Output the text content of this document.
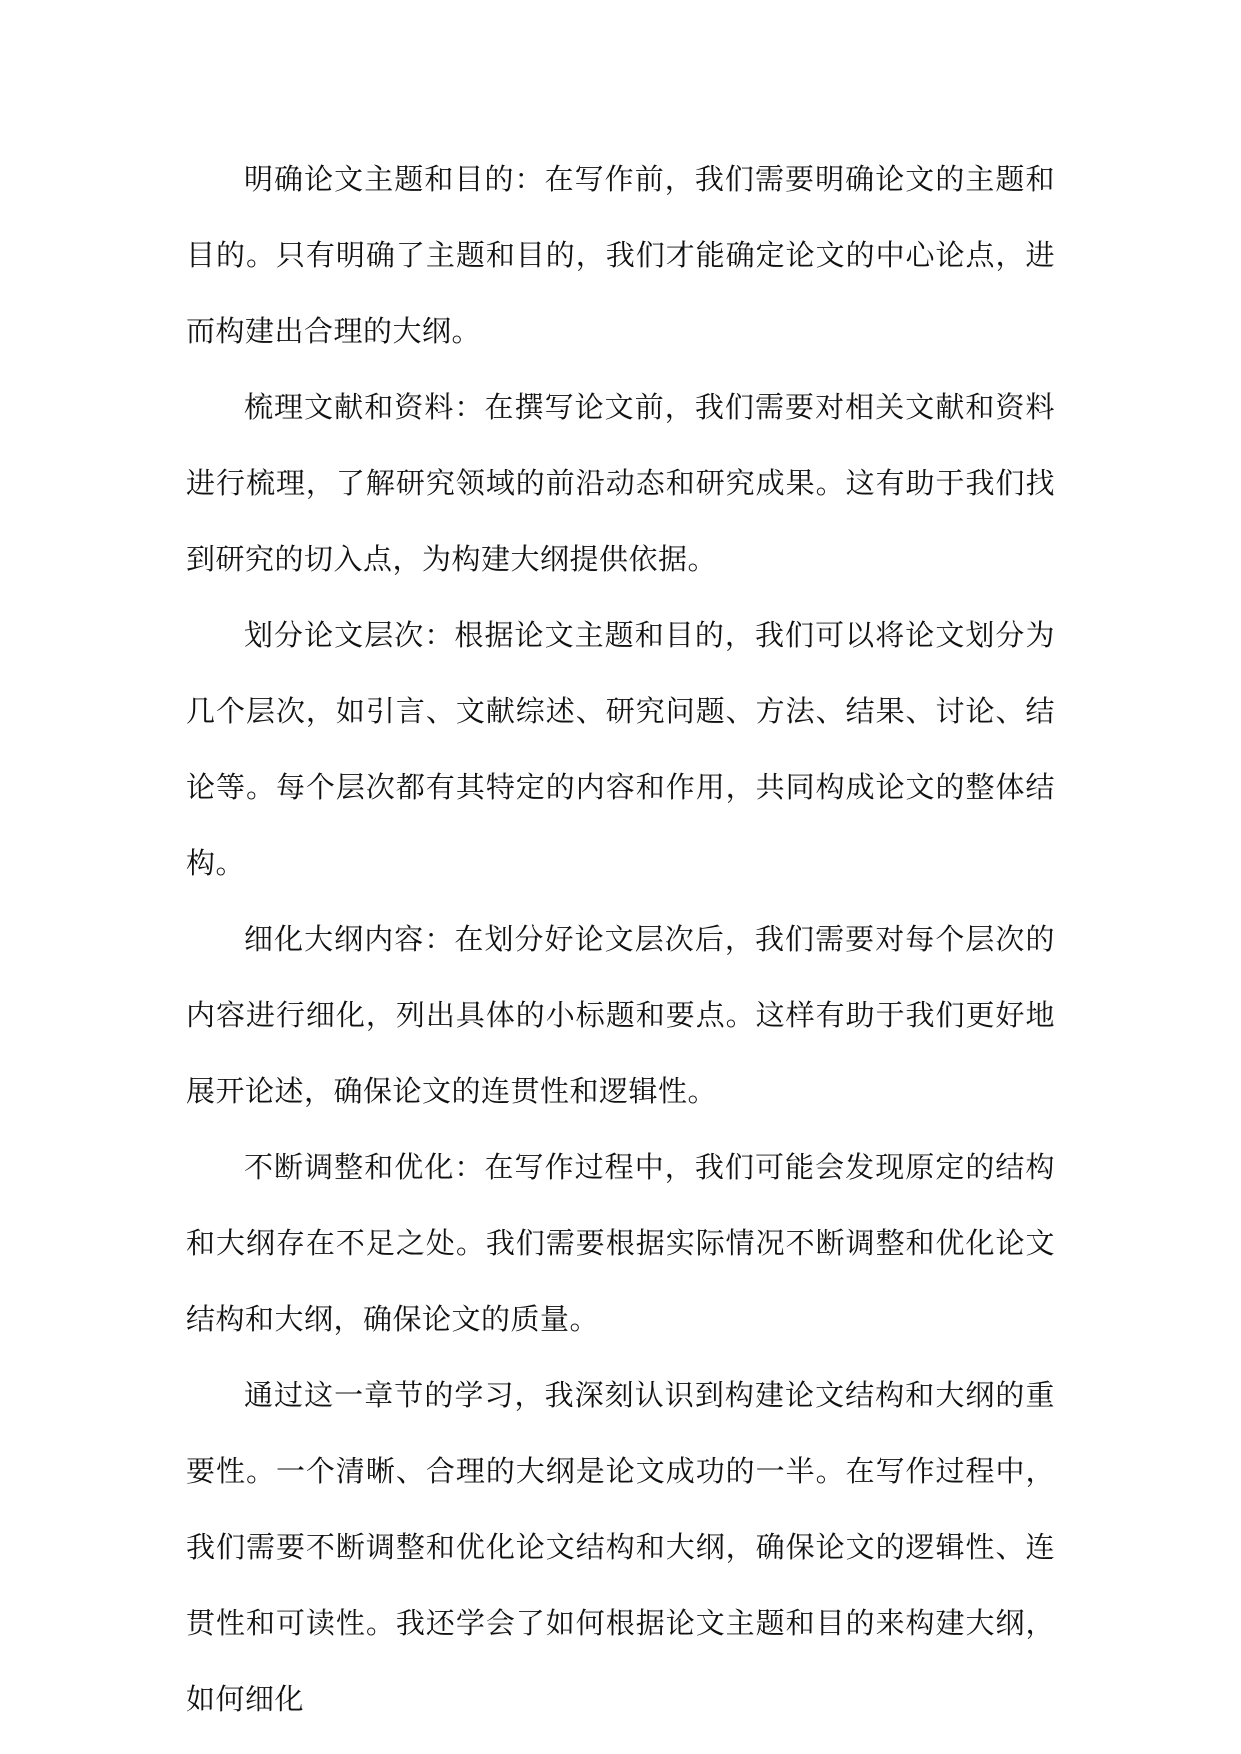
明确论文主题和目的：在写作前，我们需要明确论文的主题和目的。只有明确了主题和目的，我们才能确定论文的中心论点，进而构建出合理的大纲。

梳理文献和资料：在撰写论文前，我们需要对相关文献和资料进行梳理，了解研究领域的前沿动态和研究成果。这有助于我们找到研究的切入点，为构建大纲提供依据。

划分论文层次：根据论文主题和目的，我们可以将论文划分为几个层次，如引言、文献综述、研究问题、方法、结果、讨论、结论等。每个层次都有其特定的内容和作用，共同构成论文的整体结构。

细化大纲内容：在划分好论文层次后，我们需要对每个层次的内容进行细化，列出具体的小标题和要点。这样有助于我们更好地展开论述，确保论文的连贯性和逻辑性。

不断调整和优化：在写作过程中，我们可能会发现原定的结构和大纲存在不足之处。我们需要根据实际情况不断调整和优化论文结构和大纲，确保论文的质量。

通过这一章节的学习，我深刻认识到构建论文结构和大纲的重要性。一个清晰、合理的大纲是论文成功的一半。在写作过程中，我们需要不断调整和优化论文结构和大纲，确保论文的逻辑性、连贯性和可读性。我还学会了如何根据论文主题和目的来构建大纲，如何细化
